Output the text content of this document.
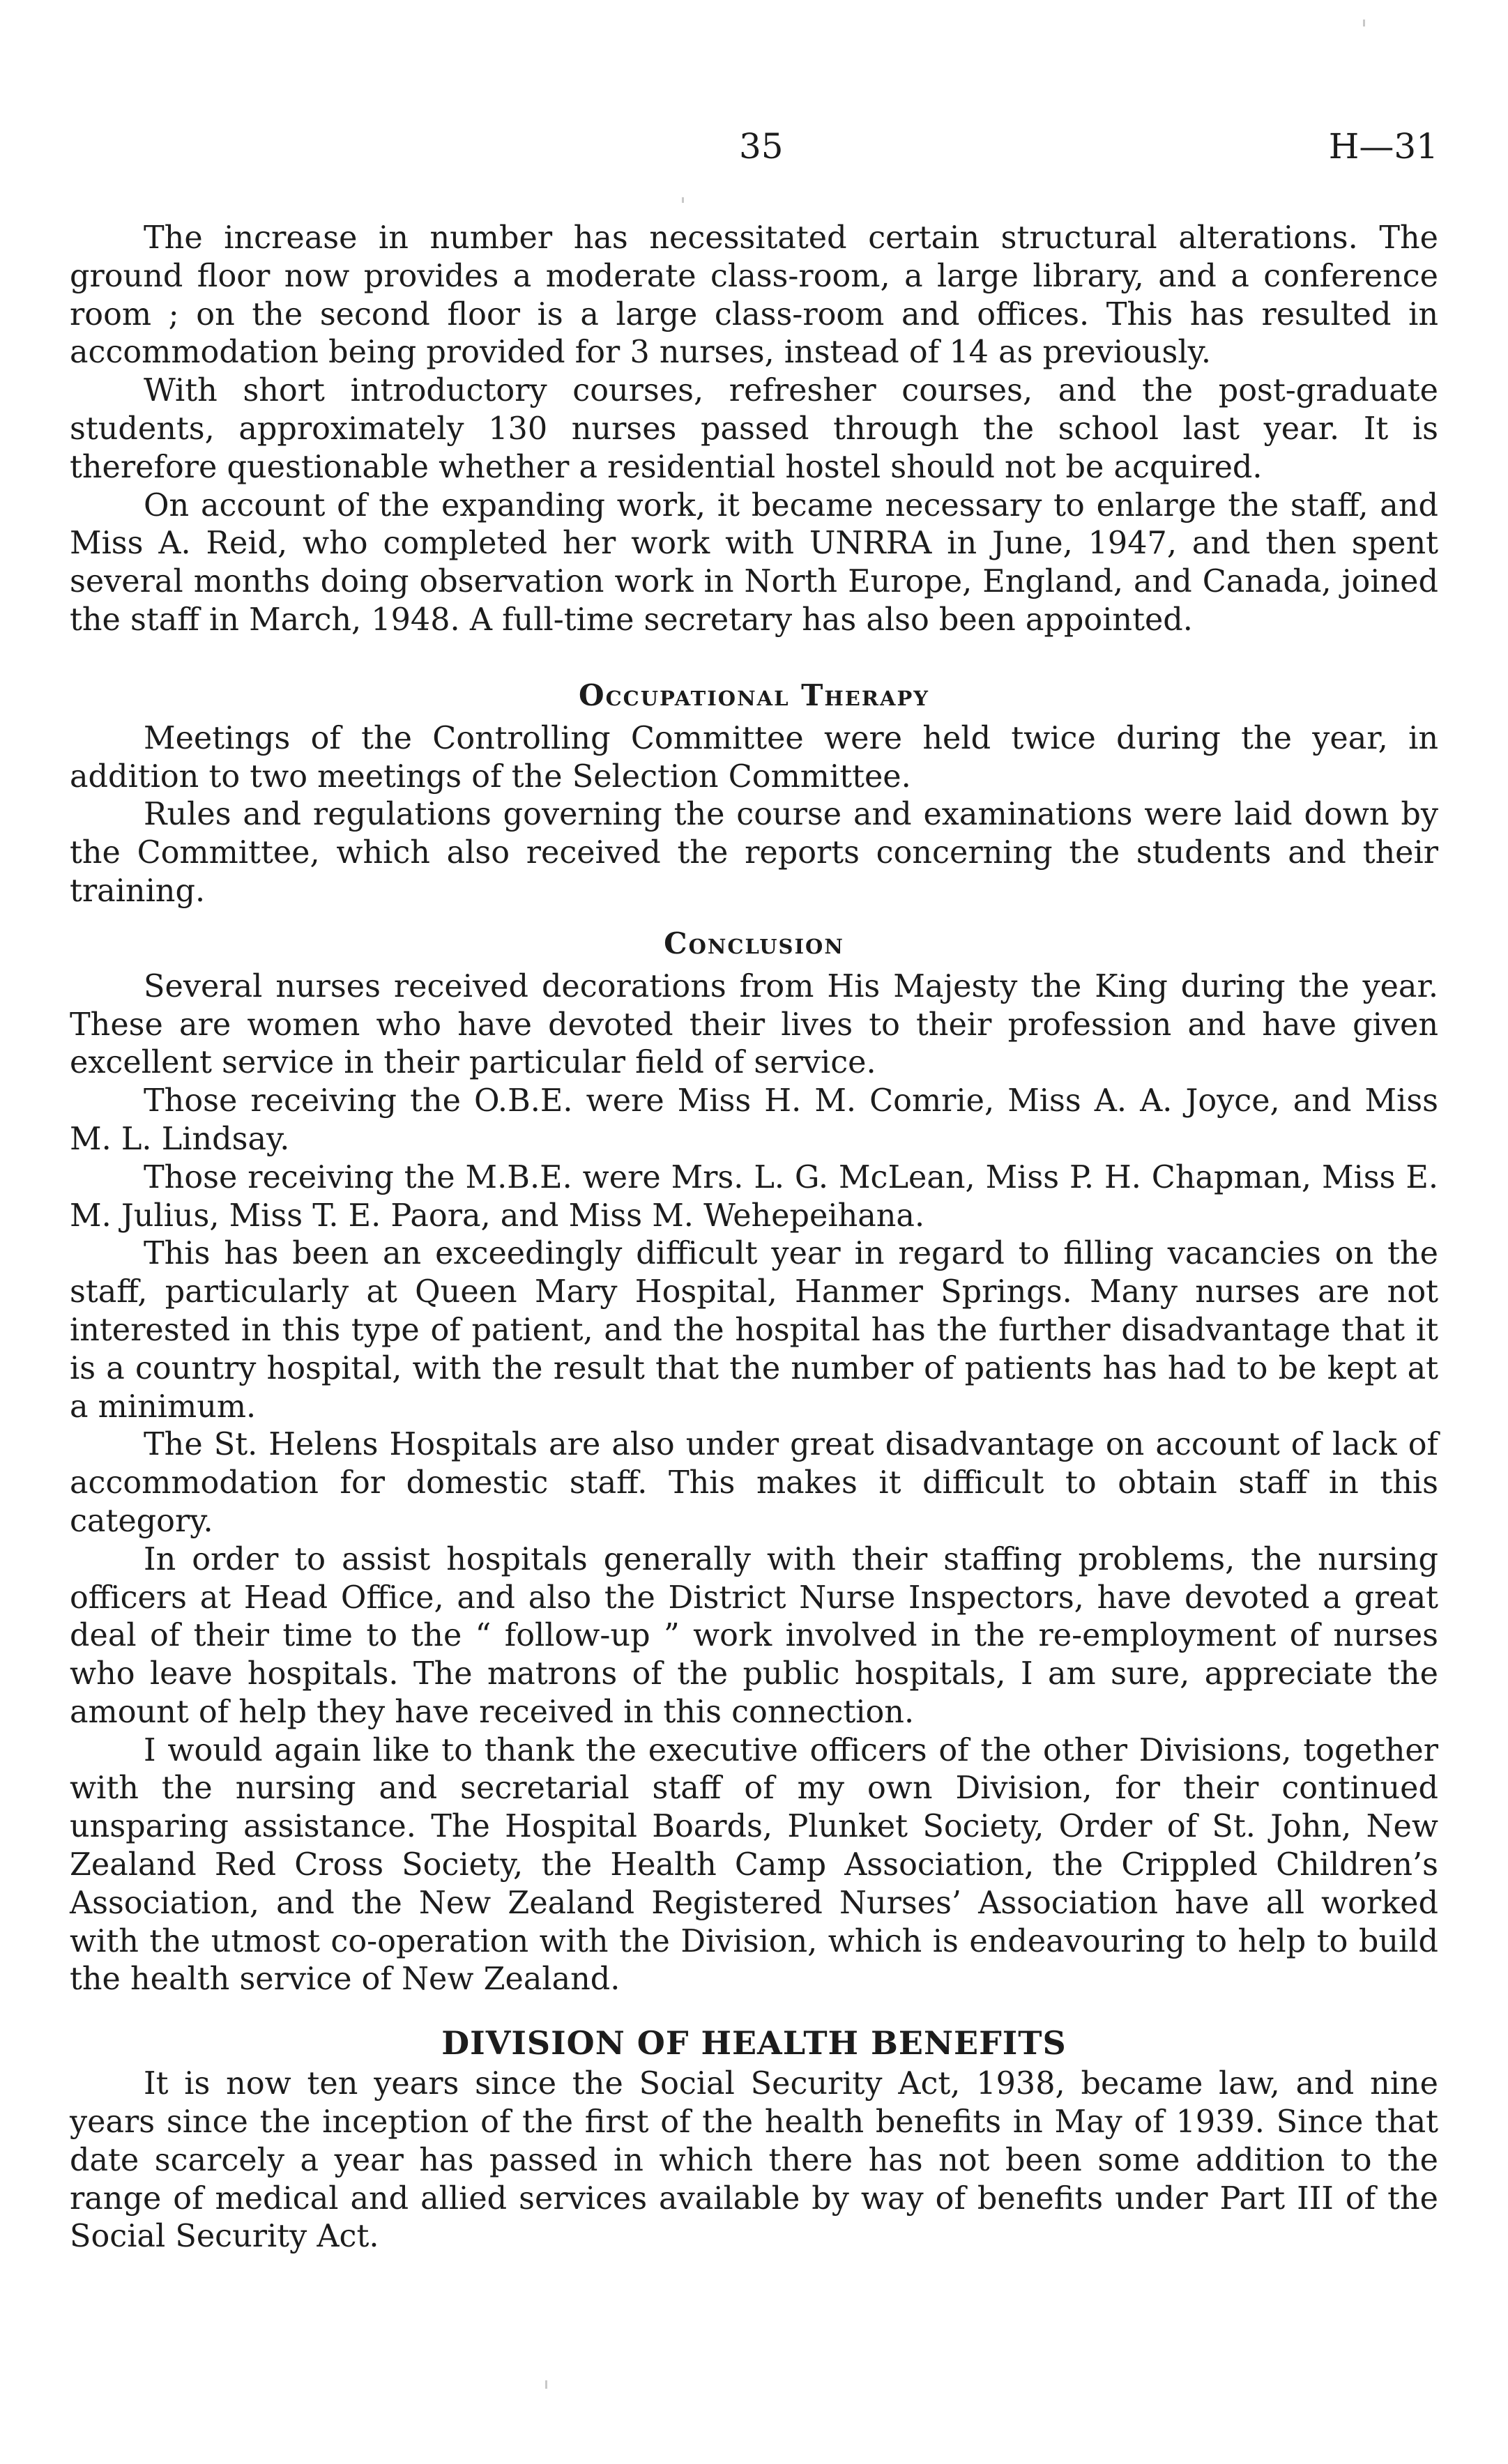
35	H—31

The increase in number has necessitated certain structural alterations. The ground floor now provides a moderate class-room, a large library, and a conference room ; on the second floor is a large class-room and offices. This has resulted in accommodation being provided for 3 nurses, instead of 14 as previously.

With short introductory courses, refresher courses, and the post-graduate students, approximately 130 nurses passed through the school last year. It is therefore questionable whether a residential hostel should not be acquired.

On account of the expanding work, it became necessary to enlarge the staff, and Miss A. Reid, who completed her work with UNRRA in June, 1947, and then spent several months doing observation work in North Europe, England, and Canada, joined the staff in March, 1948. A full-time secretary has also been appointed.

Occupational Therapy

Meetings of the Controlling Committee were held twice during the year, in addition to two meetings of the Selection Committee.

Rules and regulations governing the course and examinations were laid down by the Committee, which also received the reports concerning the students and their training.

Conclusion

Several nurses received decorations from His Majesty the King during the year. These are women who have devoted their lives to their profession and have given excellent service in their particular field of service.

Those receiving the O.B.E. were Miss H. M. Comrie, Miss A. A. Joyce, and Miss M. L. Lindsay.

Those receiving the M.B.E. were Mrs. L. G. McLean, Miss P. H. Chapman, Miss E. M. Julius, Miss T. E. Paora, and Miss M. Wehepeihana.

This has been an exceedingly difficult year in regard to filling vacancies on the staff, particularly at Queen Mary Hospital, Hanmer Springs. Many nurses are not interested in this type of patient, and the hospital has the further disadvantage that it is a country hospital, with the result that the number of patients has had to be kept at a minimum.

The St. Helens Hospitals are also under great disadvantage on account of lack of accommodation for domestic staff. This makes it difficult to obtain staff in this category.

In order to assist hospitals generally with their staffing problems, the nursing officers at Head Office, and also the District Nurse Inspectors, have devoted a great deal of their time to the “ follow-up ” work involved in the re-employment of nurses who leave hospitals. The matrons of the public hospitals, I am sure, appreciate the amount of help they have received in this connection.

I would again like to thank the executive officers of the other Divisions, together with the nursing and secretarial staff of my own Division, for their continued unsparing assistance. The Hospital Boards, Plunket Society, Order of St. John, New Zealand Red Cross Society, the Health Camp Association, the Crippled Children’s Association, and the New Zealand Registered Nurses’ Association have all worked with the utmost co-operation with the Division, which is endeavouring to help to build the health service of New Zealand.

DIVISION OF HEALTH BENEFITS

It is now ten years since the Social Security Act, 1938, became law, and nine years since the inception of the first of the health benefits in May of 1939. Since that date scarcely a year has passed in which there has not been some addition to the range of medical and allied services available by way of benefits under Part III of the Social Security Act.
